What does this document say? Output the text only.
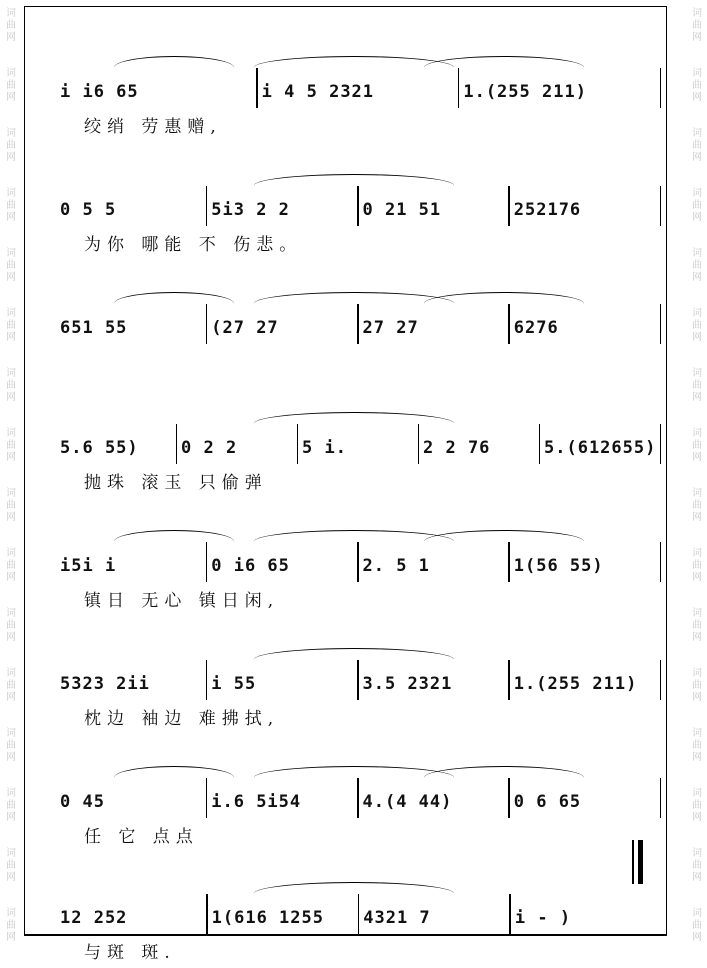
词
曲
网
词
曲
网
词
曲
网
词
曲
网
词
曲
网
词
曲
网
词
曲
网
词
曲
网
词
曲
网
词
曲
网
词
曲
网
词
曲
网
词
曲
网
词
曲
网
词
曲
网
词
曲
网
词
曲
网
词
曲
网
词
曲
网
词
曲
网
词
曲
网
词
曲
网
词
曲
网
词
曲
网
词
曲
网
词
曲
网
词
曲
网
词
曲
网
词
曲
网
词
曲
网
词
曲
网
词
曲
网
i i6 65	i 4 5 2321	1.(255 211)
绞绡 劳惠赠,
0 5 5	5i3 2 2	0 21 51	252176
为你 哪能 不 伤悲。
651 55	(27 27	27 27	6276
5.6 55)	0 2 2	5 i.	2 2 76	5.(612655)
抛珠 滚玉 只偷弹
i5i i	0 i6 65	2. 5 1	1(56 55)
镇日 无心 镇日闲,
5323 2ii	i 55	3.5 2321	1.(255 211)
枕边 袖边 难拂拭,
0 45	i.6 5i54	4.(4 44)	0 6 65
任 它 点点
12 252	1(616 1255	4321 7	i - )
与斑 斑.
